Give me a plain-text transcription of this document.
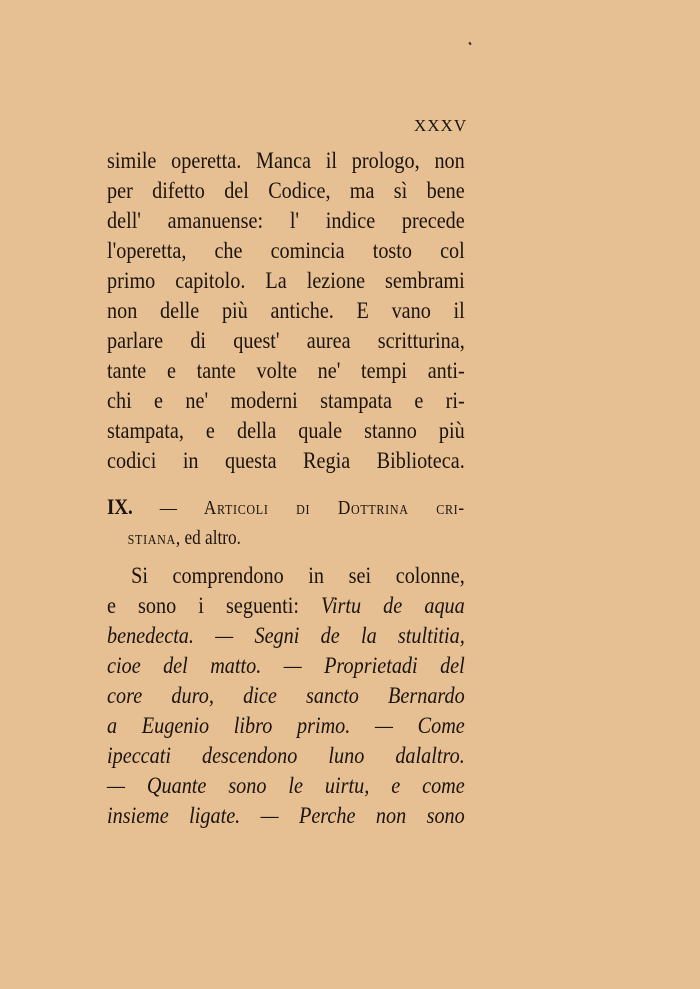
XXXV
simile operetta. Manca il prologo, non
per difetto del Codice, ma sì bene
dell' amanuense: l' indice precede
l'operetta, che comincia tosto col
primo capitolo. La lezione sembrami
non delle più antiche. E vano il
parlare di quest' aurea scritturina,
tante e tante volte ne' tempi anti-
chi e ne' moderni stampata e ri-
stampata, e della quale stanno più
codici in questa Regia Biblioteca.
IX. — Articoli di Dottrina cri-
stiana, ed altro.
Si comprendono in sei colonne,
e sono i seguenti: Virtu de aqua
benedecta. — Segni de la stultitia,
cioe del matto. — Proprietadi del
core duro, dice sancto Bernardo
a Eugenio libro primo. — Come
ipeccati descendono luno dalaltro.
— Quante sono le uirtu, e come
insieme ligate. — Perche non sono
